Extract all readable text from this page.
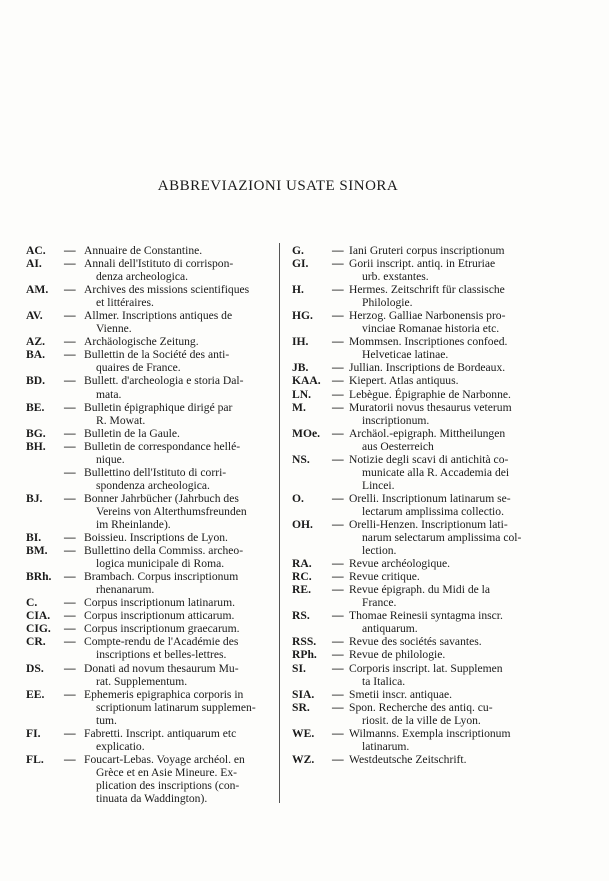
ABBREVIAZIONI USATE SINORA
AC. — Annuaire de Constantine.
AI. — Annali dell'Istituto di corrispon-
denza archeologica.
AM. — Archives des missions scientifiques
et littéraires.
AV. — Allmer. Inscriptions antiques de
Vienne.
AZ. — Archäologische Zeitung.
BA. — Bullettin de la Société des anti-
quaires de France.
BD. — Bullett. d'archeologia e storia Dal-
mata.
BE. — Bulletin épigraphique dirigé par
R. Mowat.
BG. — Bulletin de la Gaule.
BH. — Bulletin de correspondance hellé-
nique.
— Bullettino dell'Istituto di corri-
spondenza archeologica.
BJ. — Bonner Jahrbücher (Jahrbuch des
Vereins von Alterthumsfreunden
im Rheinlande).
BI. — Boissieu. Inscriptions de Lyon.
BM. — Bullettino della Commiss. archeo-
logica municipale di Roma.
BRh. — Brambach. Corpus inscriptionum
rhenanarum.
C. — Corpus inscriptionum latinarum.
CIA. — Corpus inscriptionum atticarum.
CIG. — Corpus inscriptionum graecarum.
CR. — Compte-rendu de l'Académie des
inscriptions et belles-lettres.
DS. — Donati ad novum thesaurum Mu-
rat. Supplementum.
EE. — Ephemeris epigraphica corporis in
scriptionum latinarum supplemen-
tum.
FI. — Fabretti. Inscript. antiquarum etc
explicatio.
FL. — Foucart-Lebas. Voyage archéol. en
Grèce et en Asie Mineure. Ex-
plication des inscriptions (con-
tinuata da Waddington).
G. — Iani Gruteri corpus inscriptionum
GI. — Gorii inscript. antiq. in Etruriae
urb. exstantes.
H. — Hermes. Zeitschrift für classische
Philologie.
HG. — Herzog. Galliae Narbonensis pro-
vinciae Romanae historia etc.
IH. — Mommsen. Inscriptiones confoed.
Helveticae latinae.
JB. — Jullian. Inscriptions de Bordeaux.
KAA. — Kiepert. Atlas antiquus.
LN. — Lebègue. Épigraphie de Narbonne.
M. — Muratorii novus thesaurus veterum
inscriptionum.
MOe. — Archäol.-epigraph. Mittheilungen
aus Oesterreich
NS. — Notizie degli scavi di antichità co-
municate alla R. Accademia dei
Lincei.
O. — Orelli. Inscriptionum latinarum se-
lectarum amplissima collectio.
OH. — Orelli-Henzen. Inscriptionum lati-
narum selectarum amplissima col-
lection.
RA. — Revue archéologique.
RC. — Revue critique.
RE. — Revue épigraph. du Midi de la
France.
RS. — Thomae Reinesii syntagma inscr.
antiquarum.
RSS. — Revue des sociétés savantes.
RPh. — Revue de philologie.
SI. — Corporis inscript. lat. Supplemen
ta Italica.
SIA. — Smetii inscr. antiquae.
SR. — Spon. Recherche des antiq. cu-
riosit. de la ville de Lyon.
WE. — Wilmanns. Exempla inscriptionum
latinarum.
WZ. — Westdeutsche Zeitschrift.
